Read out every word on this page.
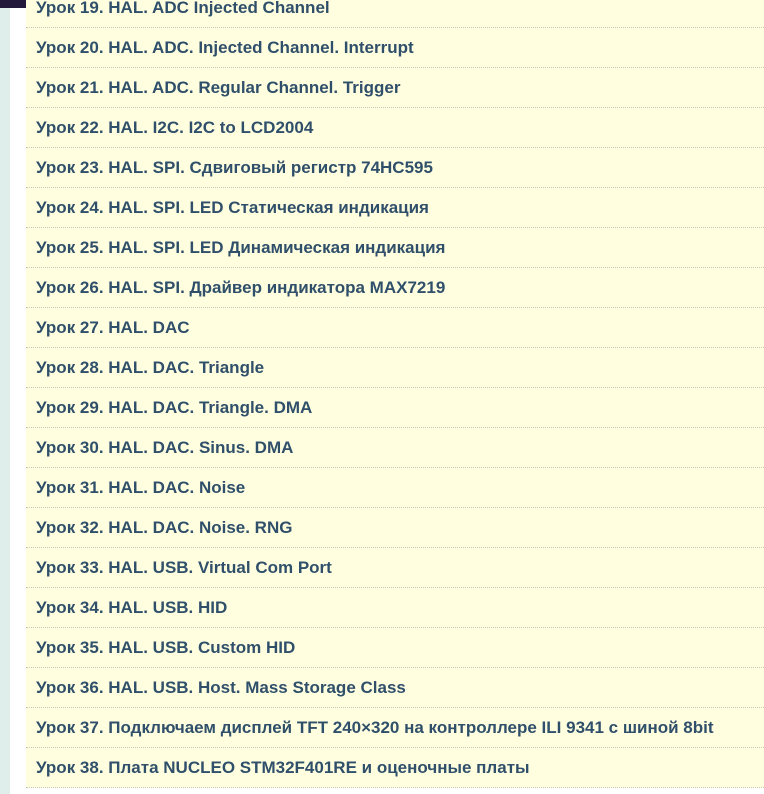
Урок 19. HAL. ADC Injected Channel
Урок 20. HAL. ADC. Injected Channel. Interrupt
Урок 21. HAL. ADC. Regular Channel. Trigger
Урок 22. HAL. I2C. I2C to LCD2004
Урок 23. HAL. SPI. Сдвиговый регистр 74HC595
Урок 24. HAL. SPI. LED Статическая индикация
Урок 25. HAL. SPI. LED Динамическая индикация
Урок 26. HAL. SPI. Драйвер индикатора MAX7219
Урок 27. HAL. DAC
Урок 28. HAL. DAC. Triangle
Урок 29. HAL. DAC. Triangle. DMA
Урок 30. HAL. DAC. Sinus. DMA
Урок 31. HAL. DAC. Noise
Урок 32. HAL. DAC. Noise. RNG
Урок 33. HAL. USB. Virtual Com Port
Урок 34. HAL. USB. HID
Урок 35. HAL. USB. Custom HID
Урок 36. HAL. USB. Host. Mass Storage Class
Урок 37. Подключаем дисплей TFT 240×320 на контроллере ILI 9341 с шиной 8bit
Урок 38. Плата NUCLEO STM32F401RE и оценочные платы
